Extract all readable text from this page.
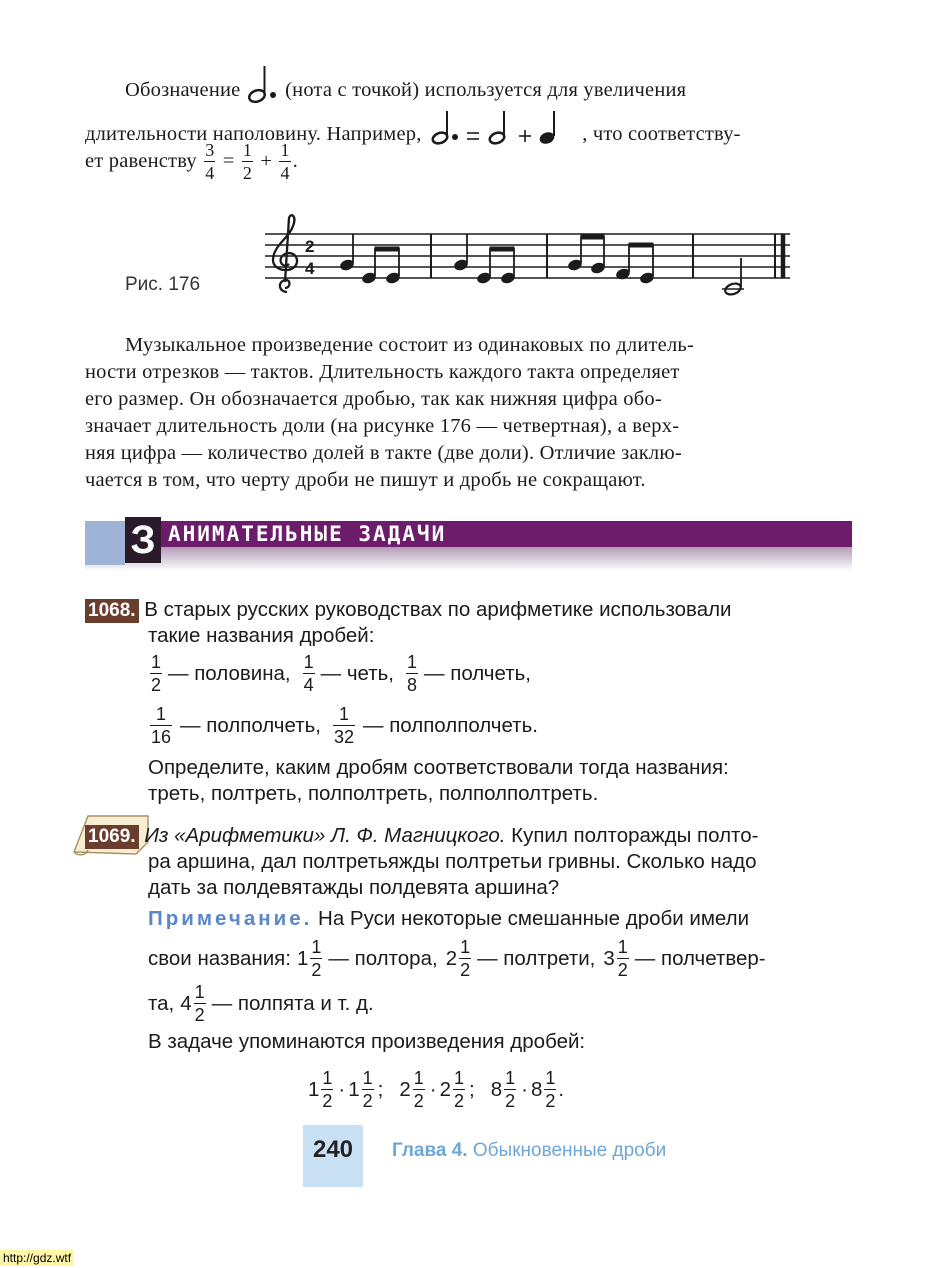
Обозначение (нота с точкой) используется для увеличения
длительности наполовину. Например,	, что соответству-
ет равенству
$\frac{3}{4} = \frac{1}{2} + \frac{1}{4}$ .
Рис. 176
2
4
Музыкальное произведение состоит из одинаковых по длитель-
ности отрезков — тактов. Длительность каждого такта определяет
его размер. Он обозначается дробью, так как нижняя цифра обо-
значает длительность доли (на рисунке 176 — четвертная), а верх-
няя цифра — количество долей в такте (две доли). Отличие заклю-
чается в том, что черту дроби не пишут и дробь не сокращают.
З АНИМАТЕЛЬНЫЕ ЗАДАЧИ
1068. В старых русских руководствах по арифметике использовали
такие названия дробей:
$\frac{1}{2}$ — половина, $\frac{1}{4}$ — четь, $\frac{1}{8}$ — полчеть,
$\frac{1}{16}$ — полполчеть, $\frac{1}{32}$ — полполполчеть.
Определите, каким дробям соответствовали тогда названия:
треть, полтреть, полполтреть, полполполтреть.
1069. Из «Арифметики» Л. Ф. Магницкого. Купил полторажды полто-
ра аршина, дал полтретьяжды полтретьи гривны. Сколько надо
дать за полдевятажды полдевята аршина?
Примечание. На Руси некоторые смешанные дроби имели
свои названия: $1 \frac{1}{2}$ — полтора, $2 \frac{1}{2}$ — полтрети, $3 \frac{1}{2}$ — полчетвер-
та, $4 \frac{1}{2}$ — полпята и т. д.
В задаче упоминаются произведения дробей:
$1 \frac{1}{2} \cdot 1 \frac{1}{2}$ ; $2 \frac{1}{2} \cdot 2 \frac{1}{2}$ ; $8 \frac{1}{2} \cdot 8 \frac{1}{2}$ .
240	Глава 4. Обыкновенные дроби
http://gdz.wtf
